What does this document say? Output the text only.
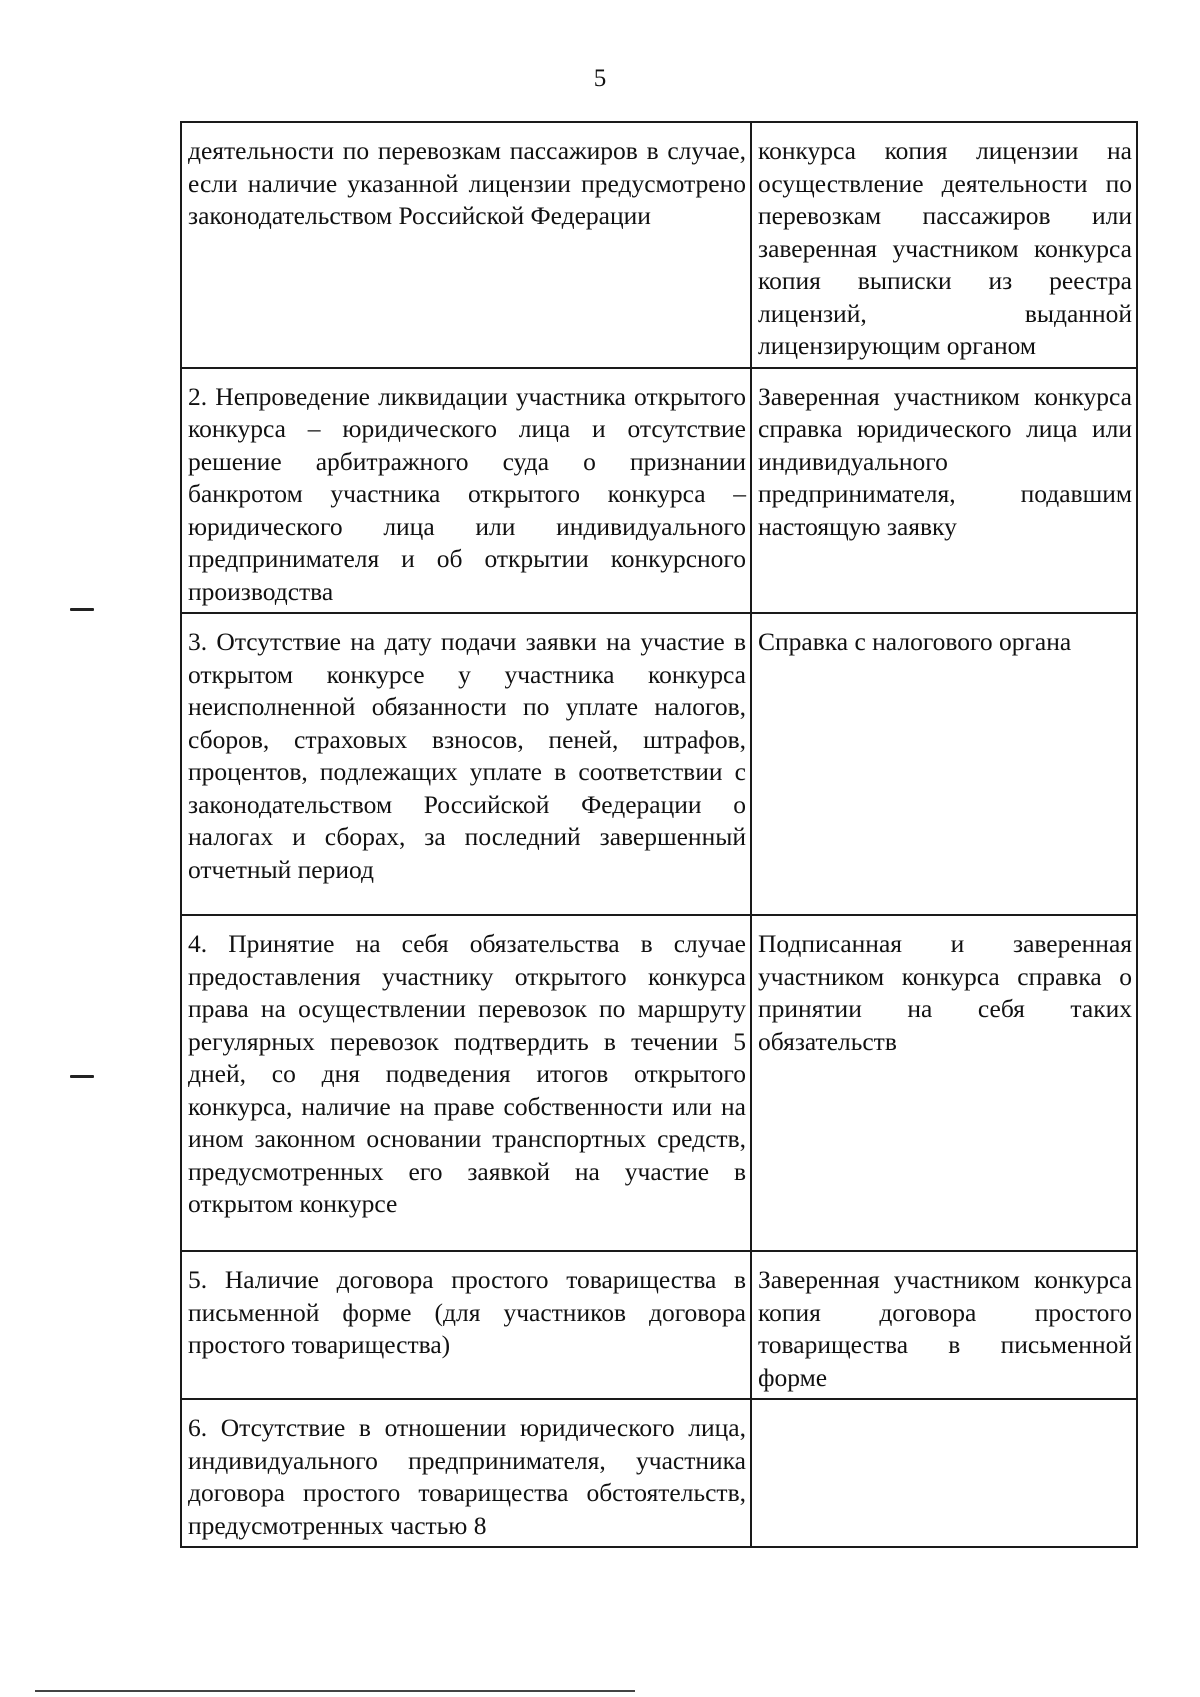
5
деятельности по перевозкам пассажиров в случае, если наличие указанной лицензии предусмотрено законодательством Российской Федерации	конкурса копия лицензии на осуществление деятельности по перевозкам пассажиров или заверенная участником конкурса копия выписки из реестра лицензий, выданной лицензирующим органом
2. Непроведение ликвидации участника открытого конкурса – юридического лица и отсутствие решение арбитражного суда о признании банкротом участника открытого конкурса – юридического лица или индивидуального предпринимателя и об открытии конкурсного производства	Заверенная участником конкурса справка юридического лица или индивидуального предпринимателя, подавшим настоящую заявку
3. Отсутствие на дату подачи заявки на участие в открытом конкурсе у участника конкурса неисполненной обязанности по уплате налогов, сборов, страховых взносов, пеней, штрафов, процентов, подлежащих уплате в соответствии с законодательством Российской Федерации о налогах и сборах, за последний завершенный отчетный период	Справка с налогового органа
4. Принятие на себя обязательства в случае предоставления участнику открытого конкурса права на осуществлении перевозок по маршруту регулярных перевозок подтвердить в течении 5 дней, со дня подведения итогов открытого конкурса, наличие на праве собственности или на ином законном основании транспортных средств, предусмотренных его заявкой на участие в открытом конкурсе	Подписанная и заверенная участником конкурса справка о принятии на себя таких обязательств
5. Наличие договора простого товарищества в письменной форме (для участников договора простого товарищества)	Заверенная участником конкурса копия договора простого товарищества в письменной форме
6. Отсутствие в отношении юридического лица, индивидуального предпринимателя, участника договора простого товарищества обстоятельств, предусмотренных частью 8	
